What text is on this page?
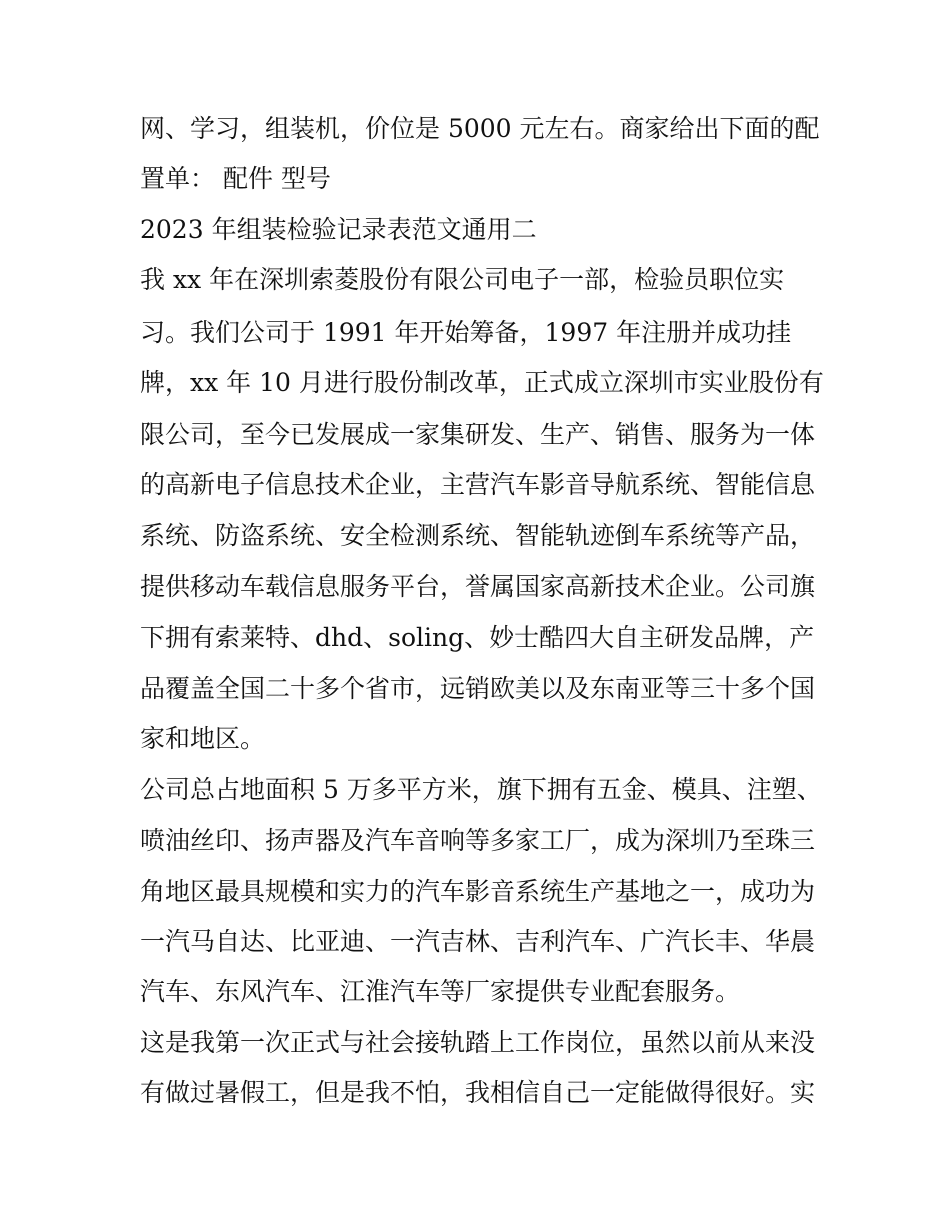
网、学习，组装机，价位是 5000 元左右。商家给出下面的配

置单： 配件 型号

2023 年组装检验记录表范文通用二

我 xx 年在深圳索菱股份有限公司电子一部，检验员职位实

习。我们公司于 1991 年开始筹备，1997 年注册并成功挂

牌，xx 年 10 月进行股份制改革，正式成立深圳市实业股份有

限公司，至今已发展成一家集研发、生产、销售、服务为一体

的高新电子信息技术企业，主营汽车影音导航系统、智能信息

系统、防盗系统、安全检测系统、智能轨迹倒车系统等产品，

提供移动车载信息服务平台，誉属国家高新技术企业。公司旗

下拥有索莱特、dhd、soling、妙士酷四大自主研发品牌，产

品覆盖全国二十多个省市，远销欧美以及东南亚等三十多个国

家和地区。

公司总占地面积 5 万多平方米，旗下拥有五金、模具、注塑、

喷油丝印、扬声器及汽车音响等多家工厂，成为深圳乃至珠三

角地区最具规模和实力的汽车影音系统生产基地之一，成功为

一汽马自达、比亚迪、一汽吉林、吉利汽车、广汽长丰、华晨

汽车、东风汽车、江淮汽车等厂家提供专业配套服务。

这是我第一次正式与社会接轨踏上工作岗位，虽然以前从来没

有做过暑假工，但是我不怕，我相信自己一定能做得很好。实
